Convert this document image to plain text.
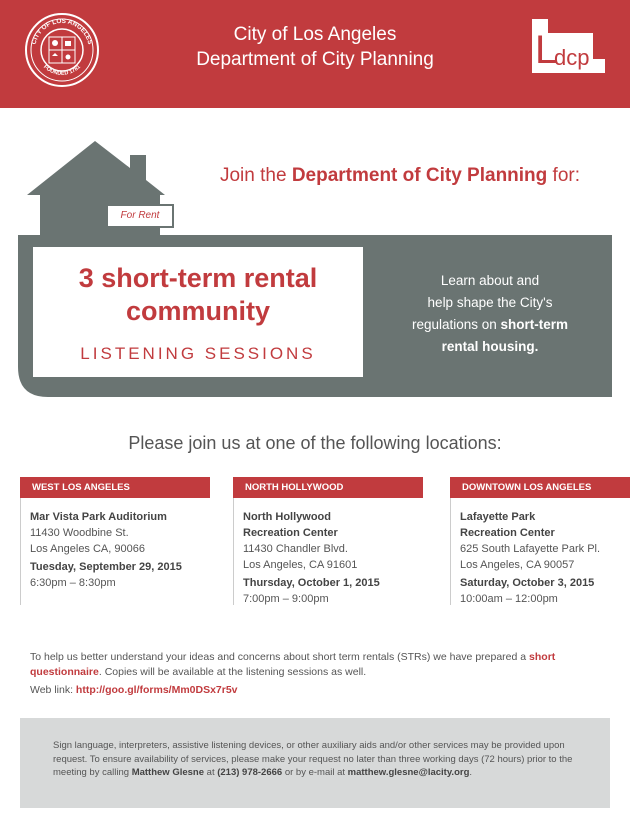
CITY OF LOS ANGELES
FOUNDED 1781
City of Los Angeles
Department of City Planning	L
dcp
For Rent
Join the Department of City Planning for:
3 short-term rental
community
LISTENING SESSIONS
Learn about and
help shape the City's
regulations on short-term
rental housing.
Please join us at one of the following locations:
WEST LOS ANGELES
Mar Vista Park Auditorium
11430 Woodbine St.
Los Angeles CA, 90066
Tuesday, September 29, 2015
6:30pm – 8:30pm
NORTH HOLLYWOOD
North Hollywood
Recreation Center
11430 Chandler Blvd.
Los Angeles, CA 91601
Thursday, October 1, 2015
7:00pm – 9:00pm
DOWNTOWN LOS ANGELES
Lafayette Park
Recreation Center
625 South Lafayette Park Pl.
Los Angeles, CA 90057
Saturday, October 3, 2015
10:00am – 12:00pm
To help us better understand your ideas and concerns about short term rentals (STRs) we have prepared a short questionnaire. Copies will be available at the listening sessions as well.
Web link: http://goo.gl/forms/Mm0DSx7r5v
Sign language, interpreters, assistive listening devices, or other auxiliary aids and/or other services may be provided upon request. To ensure availability of services, please make your request no later than three working days (72 hours) prior to the meeting by calling Matthew Glesne at (213) 978-2666 or by e-mail at matthew.glesne@lacity.org.
